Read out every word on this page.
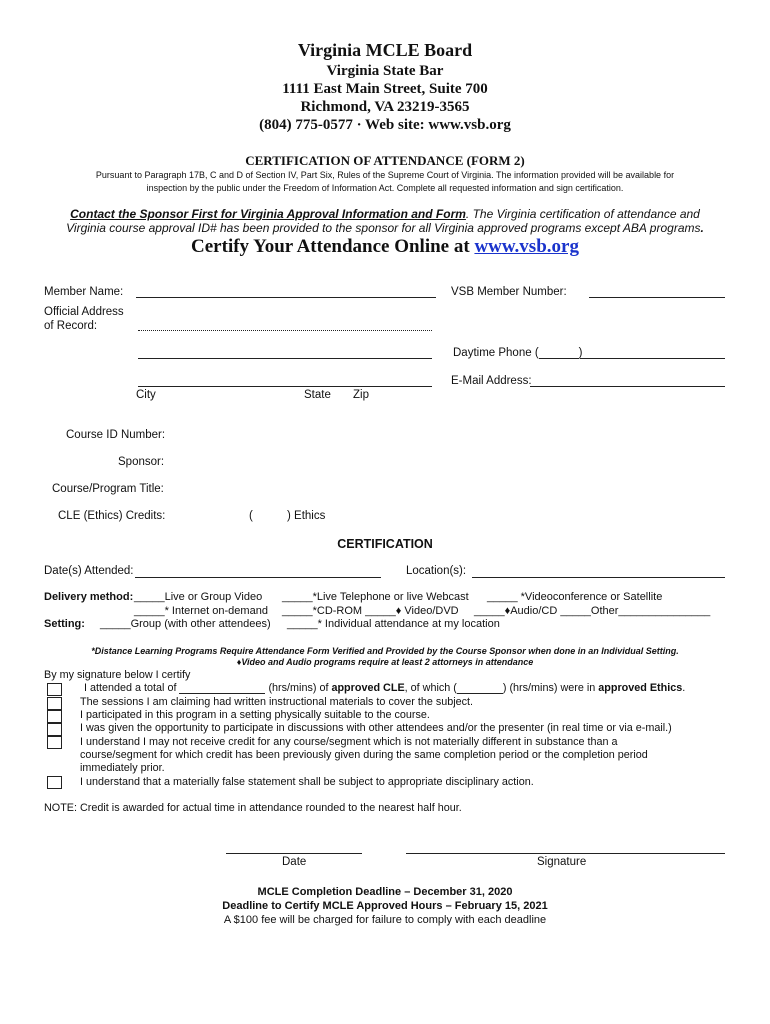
Virginia MCLE Board
Virginia State Bar
1111 East Main Street, Suite 700
Richmond, VA 23219-3565
(804) 775-0577 · Web site: www.vsb.org
CERTIFICATION OF ATTENDANCE (FORM 2)
Pursuant to Paragraph 17B, C and D of Section IV, Part Six, Rules of the Supreme Court of Virginia. The information provided will be available for
inspection by the public under the Freedom of Information Act. Complete all requested information and sign certification.
Contact the Sponsor First for Virginia Approval Information and Form. The Virginia certification of attendance and
Virginia course approval ID# has been provided to the sponsor for all Virginia approved programs except ABA programs.
Certify Your Attendance Online at www.vsb.org
Member Name:	VSB Member Number:
Official Address
of Record:
Daytime Phone (	)
E-Mail Address:
City	State Zip
Course ID Number:
Sponsor:
Course/Program Title:
CLE (Ethics) Credits:	(	) Ethics
CERTIFICATION
Date(s) Attended:	Location(s):
Delivery method: _____Live or Group Video _____*Live Telephone or live Webcast _____ *Videoconference or Satellite
_____* Internet on-demand _____*CD-ROM _____♦ Video/DVD _____♦Audio/CD _____Other_______________
Setting: _____Group (with other attendees) _____* Individual attendance at my location
*Distance Learning Programs Require Attendance Form Verified and Provided by the Course Sponsor when done in an Individual Setting.
♦Video and Audio programs require at least 2 attorneys in attendance
By my signature below I certify
I attended a total of	(hrs/mins) of approved CLE, of which (	) (hrs/mins) were in approved Ethics.
The sessions I am claiming had written instructional materials to cover the subject.
I participated in this program in a setting physically suitable to the course.
I was given the opportunity to participate in discussions with other attendees and/or the presenter (in real time or via e-mail.)
I understand I may not receive credit for any course/segment which is not materially different in substance than a
course/segment for which credit has been previously given during the same completion period or the completion period
immediately prior.
I understand that a materially false statement shall be subject to appropriate disciplinary action.
NOTE: Credit is awarded for actual time in attendance rounded to the nearest half hour.
Date	Signature
MCLE Completion Deadline – December 31, 2020
Deadline to Certify MCLE Approved Hours – February 15, 2021
A $100 fee will be charged for failure to comply with each deadline
